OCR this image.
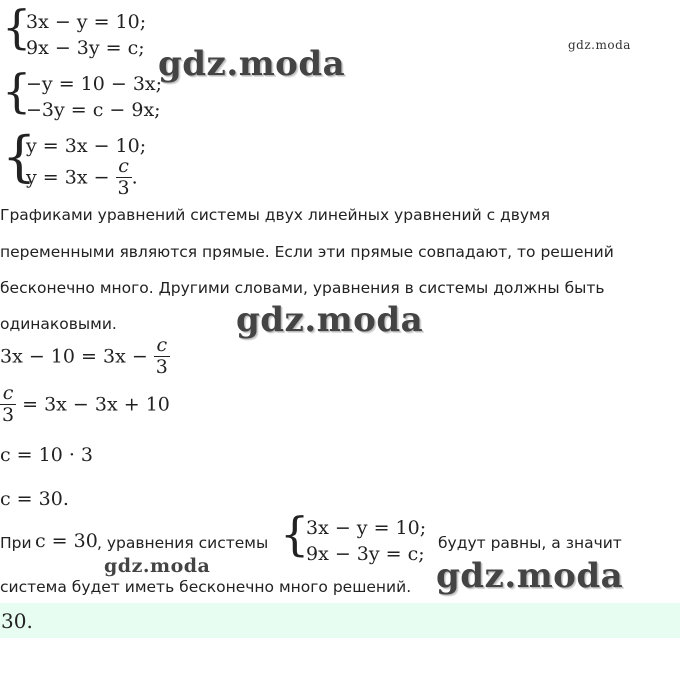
{
3x − y = 10;
9x − 3y = c;
{
−y = 10 − 3x;
−3y = c − 9x;
{
y = 3x − 10;
$y = 3x - \frac{c}{3}$ .
Графиками уравнений системы двух линейных уравнений с двумя
переменными являются прямые. Если эти прямые совпадают, то решений
бесконечно много. Другими словами, уравнения в системы должны быть
одинаковыми.
$3x - 10 = 3x - \frac{c}{3}$
$\frac{c}{3} = 3x - 3x + 10$
c = 10 · 3
c = 30.
При c = 30 , уравнения системы {
3x − y = 10;
9x − 3y = c; будут равны, а значит
система будет иметь бесконечно много решений.
30.
gdz.moda	gdz.moda
gdz.moda
gdz.moda	gdz.moda
